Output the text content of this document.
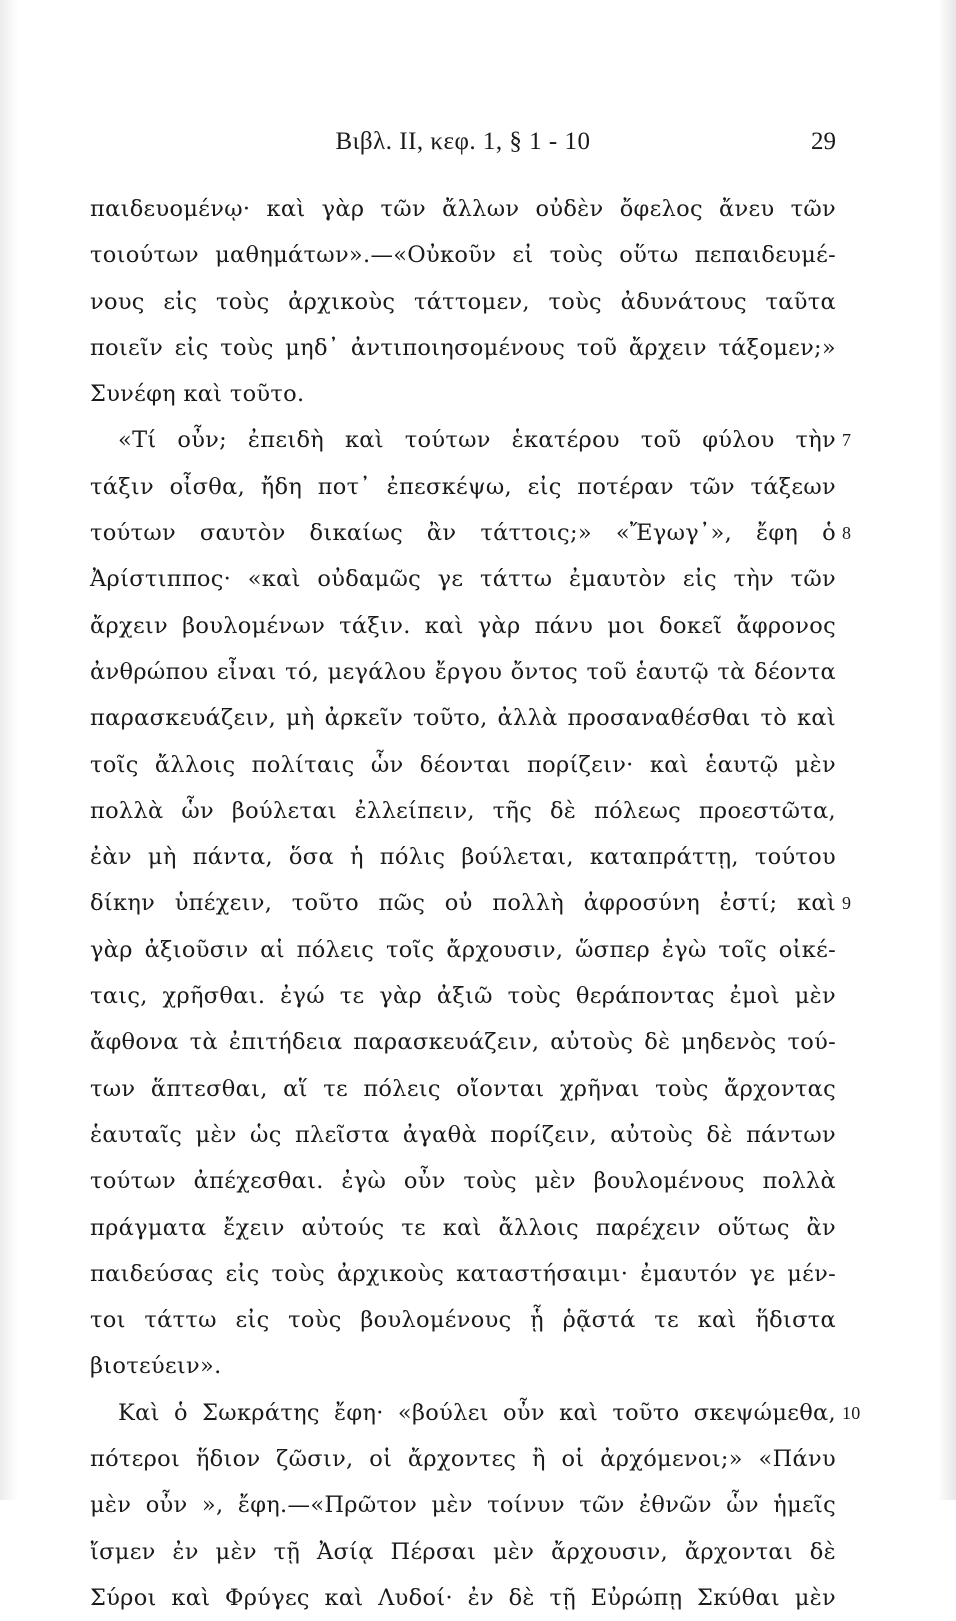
Βιβλ. II, κεφ. 1, § 1 - 10	29
παιδευομένῳ· καὶ γὰρ τῶν ἄλλων οὐδὲν ὄφελος ἄνευ τῶν
τοιούτων μαθημάτων».—«Οὐκοῦν εἰ τοὺς οὕτω πεπαιδευμέ-
νους εἰς τοὺς ἀρχικοὺς τάττομεν, τοὺς ἀδυνάτους ταῦτα
ποιεῖν εἰς τοὺς μηδ᾽ ἀντιποιησομένους τοῦ ἄρχειν τάξομεν;»
Συνέφη καὶ τοῦτο.
«Τί οὖν; ἐπειδὴ καὶ τούτων ἑκατέρου τοῦ φύλου τὴν 7
τάξιν οἶσθα, ἤδη ποτ᾽ ἐπεσκέψω, εἰς ποτέραν τῶν τάξεων
τούτων σαυτὸν δικαίως ἂν τάττοις;» «Ἔγωγ᾽», ἔφη ὁ 8
Ἀρίστιππος· «καὶ οὐδαμῶς γε τάττω ἐμαυτὸν εἰς τὴν τῶν
ἄρχειν βουλομένων τάξιν. καὶ γὰρ πάνυ μοι δοκεῖ ἄφρονος
ἀνθρώπου εἶναι τό, μεγάλου ἔργου ὄντος τοῦ ἑαυτῷ τὰ δέοντα
παρασκευάζειν, μὴ ἀρκεῖν τοῦτο, ἀλλὰ προσαναθέσθαι τὸ καὶ
τοῖς ἄλλοις πολίταις ὧν δέονται πορίζειν· καὶ ἑαυτῷ μὲν
πολλὰ ὧν βούλεται ἐλλείπειν, τῆς δὲ πόλεως προεστῶτα,
ἐὰν μὴ πάντα, ὅσα ἡ πόλις βούλεται, καταπράττῃ, τούτου
δίκην ὑπέχειν, τοῦτο πῶς οὐ πολλὴ ἀφροσύνη ἐστί; καὶ 9
γὰρ ἀξιοῦσιν αἱ πόλεις τοῖς ἄρχουσιν, ὥσπερ ἐγὼ τοῖς οἰκέ-
ταις, χρῆσθαι. ἐγώ τε γὰρ ἀξιῶ τοὺς θεράποντας ἐμοὶ μὲν
ἄφθονα τὰ ἐπιτήδεια παρασκευάζειν, αὐτοὺς δὲ μηδενὸς τού-
των ἅπτεσθαι, αἵ τε πόλεις οἴονται χρῆναι τοὺς ἄρχοντας
ἑαυταῖς μὲν ὡς πλεῖστα ἀγαθὰ πορίζειν, αὐτοὺς δὲ πάντων
τούτων ἀπέχεσθαι. ἐγὼ οὖν τοὺς μὲν βουλομένους πολλὰ
πράγματα ἔχειν αὐτούς τε καὶ ἄλλοις παρέχειν οὕτως ἂν
παιδεύσας εἰς τοὺς ἀρχικοὺς καταστήσαιμι· ἐμαυτόν γε μέν-
τοι τάττω εἰς τοὺς βουλομένους ᾗ ῥᾷστά τε καὶ ἥδιστα
βιοτεύειν».
Καὶ ὁ Σωκράτης ἔφη· «βούλει οὖν καὶ τοῦτο σκεψώμεθα, 10
πότεροι ἥδιον ζῶσιν, οἱ ἄρχοντες ἢ οἱ ἀρχόμενοι;» «Πάνυ
μὲν οὖν », ἔφη.—«Πρῶτον μὲν τοίνυν τῶν ἐθνῶν ὧν ἡμεῖς
ἴσμεν ἐν μὲν τῇ Ἀσίᾳ Πέρσαι μὲν ἄρχουσιν, ἄρχονται δὲ
Σύροι καὶ Φρύγες καὶ Λυδοί· ἐν δὲ τῇ Εὐρώπῃ Σκύθαι μὲν
